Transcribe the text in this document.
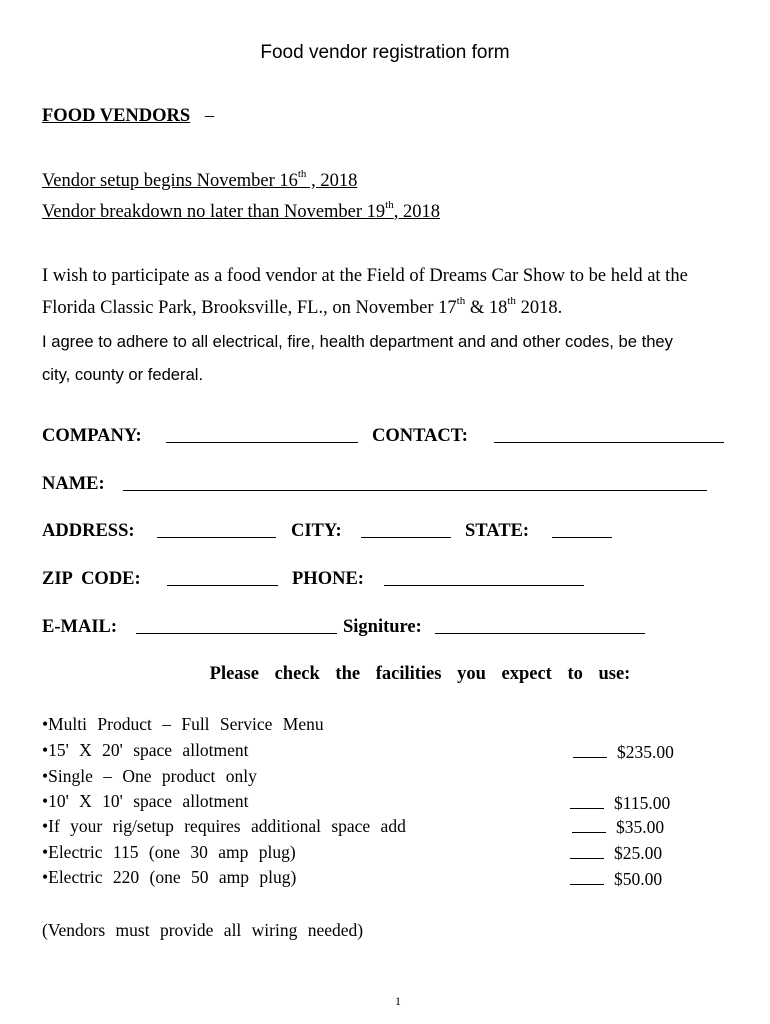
Food vendor registration form
FOOD VENDORS –
Vendor setup begins November 16th , 2018
Vendor breakdown no later than November 19th, 2018
I wish to participate as a food vendor at the Field of Dreams Car Show to be held at the
Florida Classic Park, Brooksville, FL., on November 17th & 18th 2018.
I agree to adhere to all electrical, fire, health department and and other codes, be they
city, county or federal.
COMPANY:	CONTACT:
NAME:
ADDRESS:	CITY:	STATE:
ZIP  CODE:	PHONE:
E-MAIL:	Signiture:
Please check the facilities you expect to use:
•Multi Product – Full Service Menu
•15' X 20' space allotment	$235.00
•Single – One product only
•10' X 10' space allotment	$115.00
•If your rig/setup requires additional space add	$35.00
•Electric 115 (one 30 amp plug)	$25.00
•Electric 220 (one 50 amp plug)	$50.00
(Vendors must provide all wiring needed)
1
